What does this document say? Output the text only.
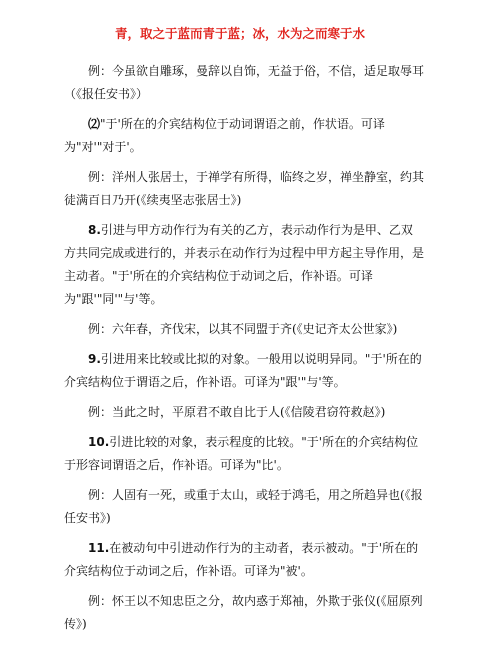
青，取之于蓝而青于蓝；冰，水为之而寒于水

例：今虽欲自雕琢，曼辞以自饰，无益于俗，不信，适足取辱耳（《报任安书》）

⑵"于'所在的介宾结构位于动词谓语之前，作状语。可译为"对'"对于'。

例：洋州人张居士，于禅学有所得，临终之岁，禅坐静室，约其徒满百日乃开(《续夷坚志张居士》)

8.引进与甲方动作行为有关的乙方，表示动作行为是甲、乙双方共同完成或进行的，并表示在动作行为过程中甲方起主导作用，是主动者。"于'所在的介宾结构位于动词之后，作补语。可译为"跟'"同'"与'等。

例：六年春，齐伐宋，以其不同盟于齐(《史记齐太公世家》)

9.引进用来比较或比拟的对象。一般用以说明异同。"于'所在的介宾结构位于谓语之后，作补语。可译为"跟'"与'等。

例：当此之时，平原君不敢自比于人(《信陵君窃符救赵》)

10.引进比较的对象，表示程度的比较。"于'所在的介宾结构位于形容词谓语之后，作补语。可译为"比'。

例：人固有一死，或重于太山，或轻于鸿毛，用之所趋异也(《报任安书》)

11.在被动句中引进动作行为的主动者，表示被动。"于'所在的介宾结构位于动词之后，作补语。可译为"被'。

例：怀王以不知忠臣之分，故内惑于郑袖，外欺于张仪(《屈原列传》)
